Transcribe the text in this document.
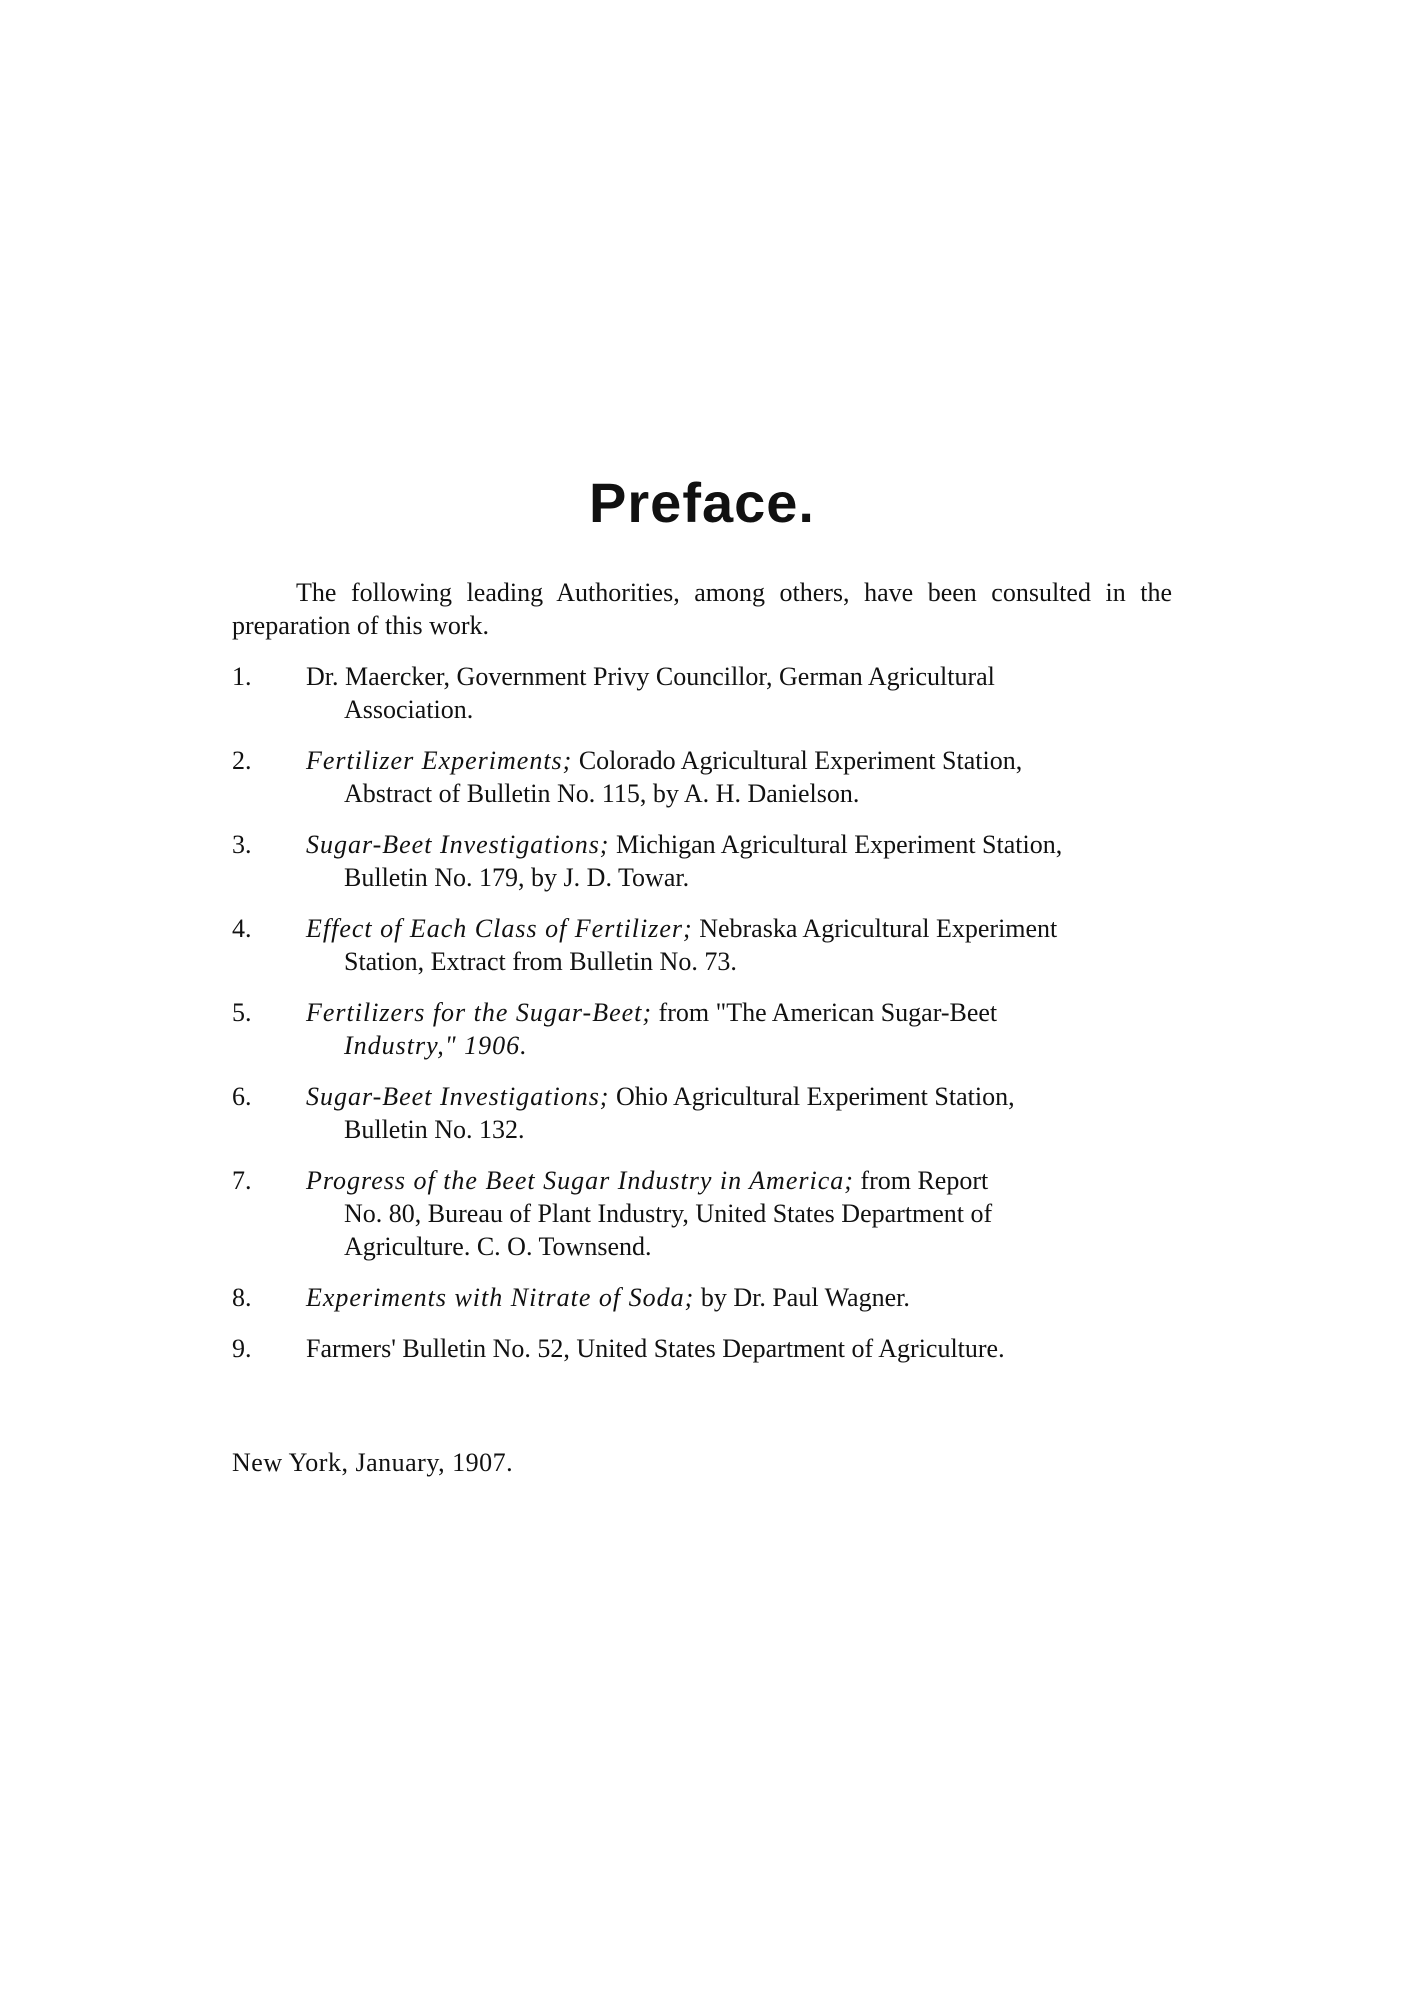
Preface.

The following leading Authorities, among others, have been consulted in the preparation of this work.

1. Dr. Maercker, Government Privy Councillor, German Agricultural
Association.
2. Fertilizer Experiments; Colorado Agricultural Experiment Station,
Abstract of Bulletin No. 115, by A. H. Danielson.
3. Sugar-Beet Investigations; Michigan Agricultural Experiment Station,
Bulletin No. 179, by J. D. Towar.
4. Effect of Each Class of Fertilizer; Nebraska Agricultural Experiment
Station, Extract from Bulletin No. 73.
5. Fertilizers for the Sugar-Beet; from "The American Sugar-Beet
Industry," 1906.
6. Sugar-Beet Investigations; Ohio Agricultural Experiment Station,
Bulletin No. 132.
7. Progress of the Beet Sugar Industry in America; from Report
No. 80, Bureau of Plant Industry, United States Department of
Agriculture. C. O. Townsend.
8. Experiments with Nitrate of Soda; by Dr. Paul Wagner.
9. Farmers' Bulletin No. 52, United States Department of Agriculture.

New York, January, 1907.
